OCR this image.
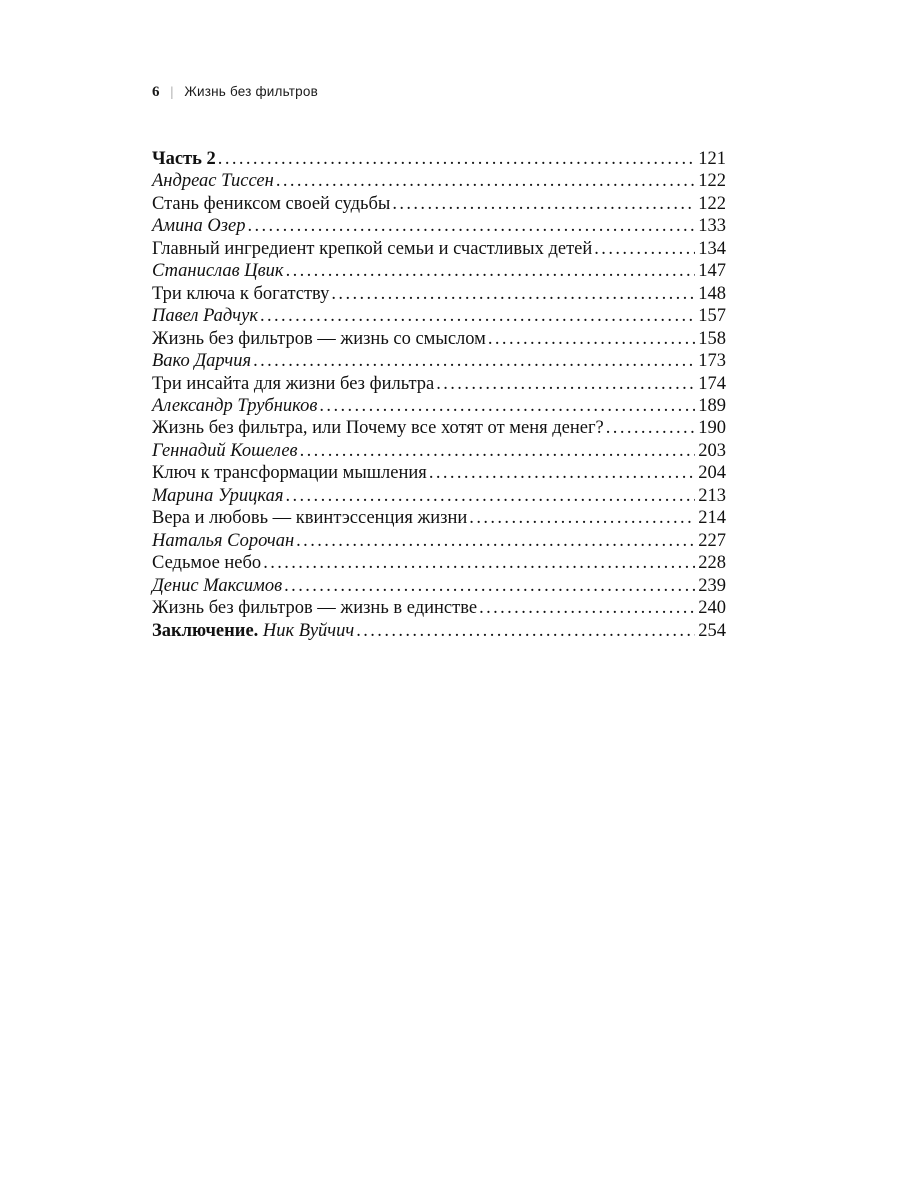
6 | Жизнь без фильтров
Часть 2 .....	121
Андреас Тиссен .....	122
Стань фениксом своей судьбы .....	122
Амина Озер .....	133
Главный ингредиент крепкой семьи и счастливых детей .....	134
Станислав Цвик .....	147
Три ключа к богатству .....	148
Павел Радчук .....	157
Жизнь без фильтров — жизнь со смыслом .....	158
Вако Дарчия .....	173
Три инсайта для жизни без фильтра .....	174
Александр Трубников .....	189
Жизнь без фильтра, или Почему все хотят от меня денег? .....	190
Геннадий Кошелев .....	203
Ключ к трансформации мышления .....	204
Марина Урицкая .....	213
Вера и любовь — квинтэссенция жизни .....	214
Наталья Сорочан .....	227
Седьмое небо .....	228
Денис Максимов .....	239
Жизнь без фильтров — жизнь в единстве .....	240
Заключение. Ник Вуйчич .....	254
